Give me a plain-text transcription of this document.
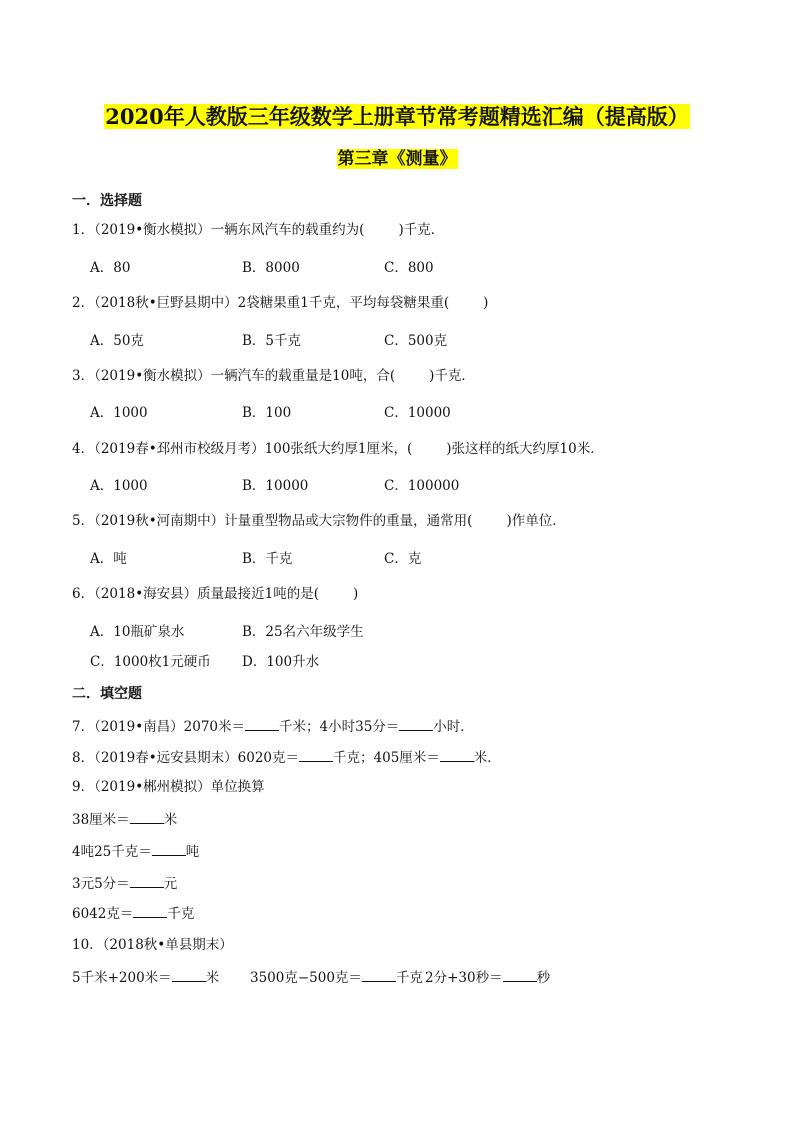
2020年人教版三年级数学上册章节常考题精选汇编（提高版）
第三章《测量》
一．选择题
1．（2019•衡水模拟）一辆东风汽车的载重约为(	)千克．
A．80	B．8000	C．800
2．（2018秋•巨野县期中）2袋糖果重1千克，平均每袋糖果重(	)
A．50克	B．5千克	C．500克
3．（2019•衡水模拟）一辆汽车的载重量是10吨，合(	)千克．
A．1000	B．100	C．10000
4．（2019春•邳州市校级月考）100张纸大约厚1厘米，(	)张这样的纸大约厚10米．
A．1000	B．10000	C．100000
5．（2019秋•河南期中）计量重型物品或大宗物件的重量，通常用(	)作单位．
A．吨	B．千克	C．克
6．（2018•海安县）质量最接近1吨的是(	)
A．10瓶矿泉水	B．25名六年级学生
C．1000枚1元硬币 D．100升水
二．填空题
7．（2019•南昌）2070米＝	千米；4小时35分＝	小时．
8．（2019春•远安县期末）6020克＝	千克；405厘米＝	米．
9．（2019•郴州模拟）单位换算
38厘米＝	米
4吨25千克＝	吨
3元5分＝	元
6042克＝	千克
10．（2018秋•单县期末）
5千米+200米＝	米 3500克−500克＝	千克 2分+30秒＝	秒
